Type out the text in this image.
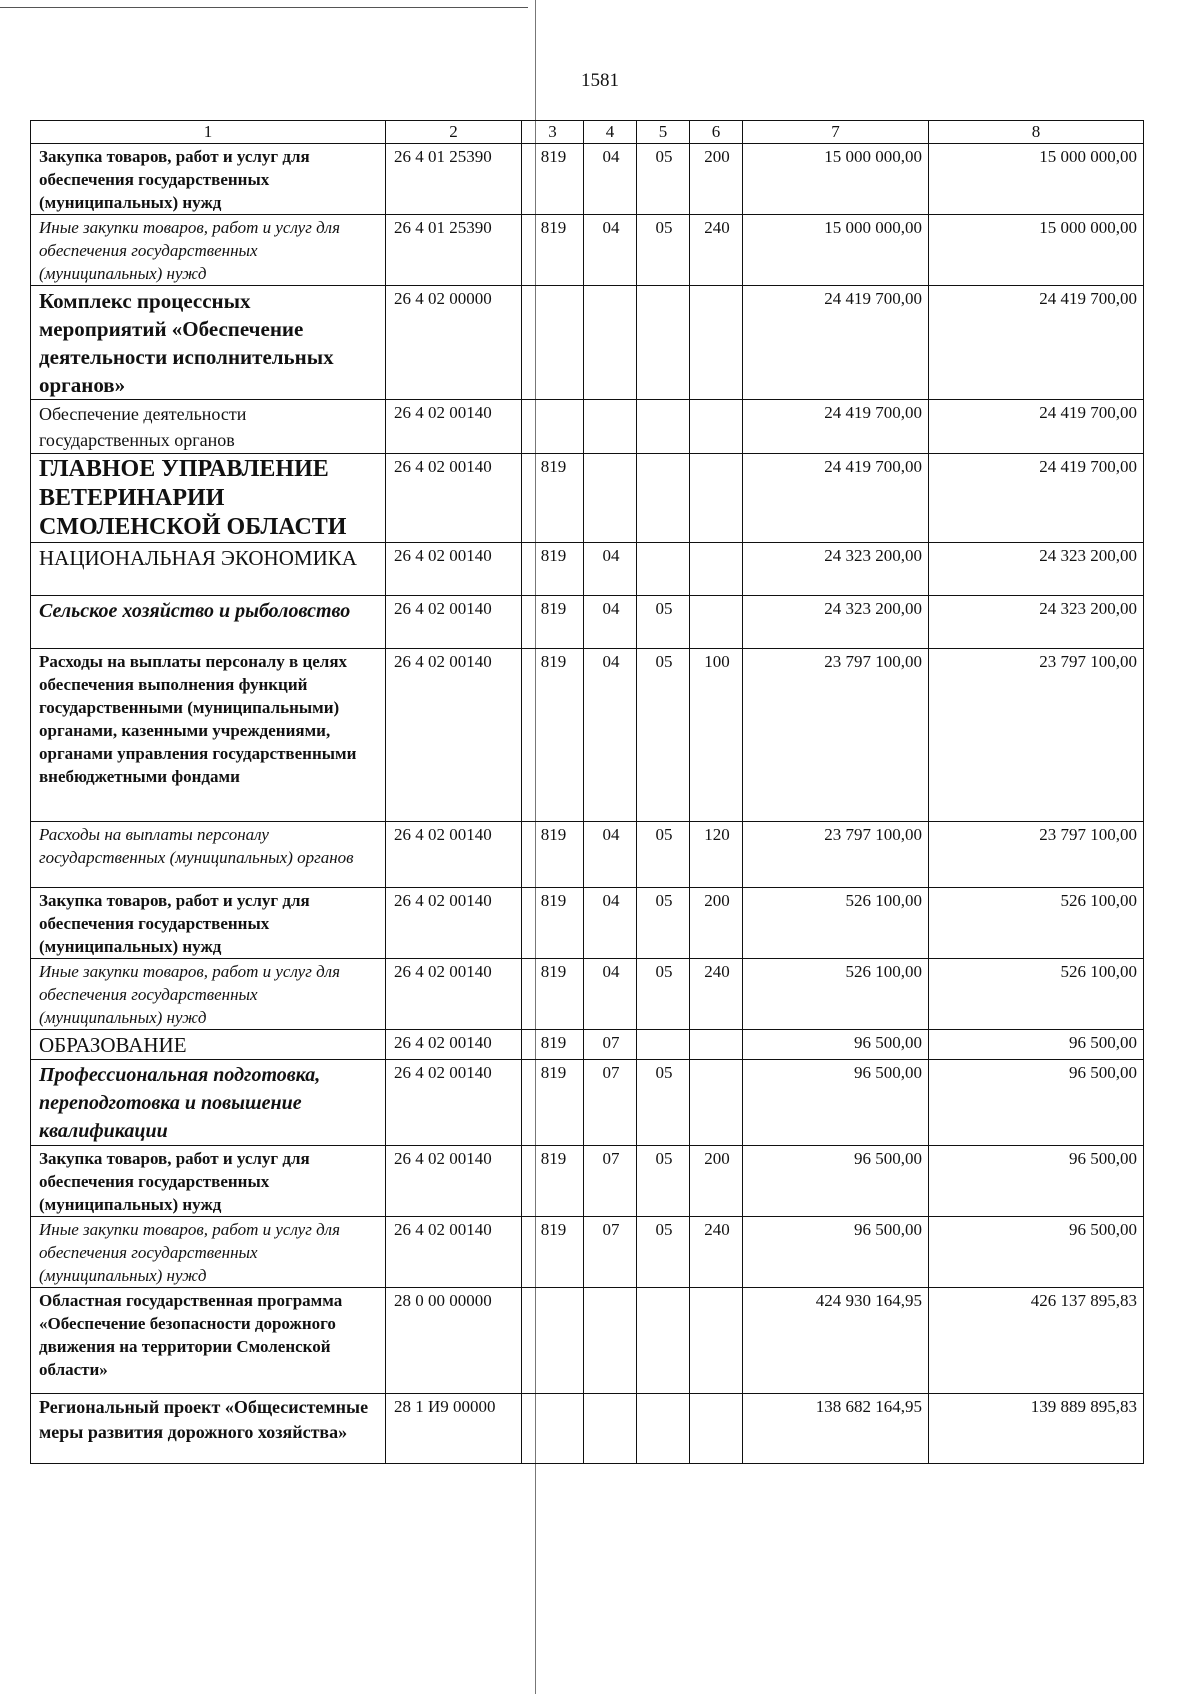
1581
1	2	3	4	5	6	7	8
Закупка товаров, работ и услуг для обеспечения государственных (муниципальных) нужд	26 4 01 25390	819	04	05	200	15 000 000,00	15 000 000,00
Иные закупки товаров, работ и услуг для обеспечения государственных (муниципальных) нужд	26 4 01 25390	819	04	05	240	15 000 000,00	15 000 000,00
Комплекс процессных мероприятий «Обеспечение деятельности исполнительных органов»	26 4 02 00000					24 419 700,00	24 419 700,00
Обеспечение деятельности государственных органов	26 4 02 00140					24 419 700,00	24 419 700,00
ГЛАВНОЕ УПРАВЛЕНИЕ ВЕТЕРИНАРИИ СМОЛЕНСКОЙ ОБЛАСТИ	26 4 02 00140	819				24 419 700,00	24 419 700,00
НАЦИОНАЛЬНАЯ ЭКОНОМИКА	26 4 02 00140	819	04			24 323 200,00	24 323 200,00
Сельское хозяйство и рыболовство	26 4 02 00140	819	04	05		24 323 200,00	24 323 200,00
Расходы на выплаты персоналу в целях обеспечения выполнения функций государственными (муниципальными) органами, казенными учреждениями, органами управления государственными внебюджетными фондами	26 4 02 00140	819	04	05	100	23 797 100,00	23 797 100,00
Расходы на выплаты персоналу государственных (муниципальных) органов	26 4 02 00140	819	04	05	120	23 797 100,00	23 797 100,00
Закупка товаров, работ и услуг для обеспечения государственных (муниципальных) нужд	26 4 02 00140	819	04	05	200	526 100,00	526 100,00
Иные закупки товаров, работ и услуг для обеспечения государственных (муниципальных) нужд	26 4 02 00140	819	04	05	240	526 100,00	526 100,00
ОБРАЗОВАНИЕ	26 4 02 00140	819	07			96 500,00	96 500,00
Профессиональная подготовка, переподготовка и повышение квалификации	26 4 02 00140	819	07	05		96 500,00	96 500,00
Закупка товаров, работ и услуг для обеспечения государственных (муниципальных) нужд	26 4 02 00140	819	07	05	200	96 500,00	96 500,00
Иные закупки товаров, работ и услуг для обеспечения государственных (муниципальных) нужд	26 4 02 00140	819	07	05	240	96 500,00	96 500,00
Областная государственная программа «Обеспечение безопасности дорожного движения на территории Смоленской области»	28 0 00 00000					424 930 164,95	426 137 895,83
Региональный проект «Общесистемные меры развития дорожного хозяйства»	28 1 И9 00000					138 682 164,95	139 889 895,83
